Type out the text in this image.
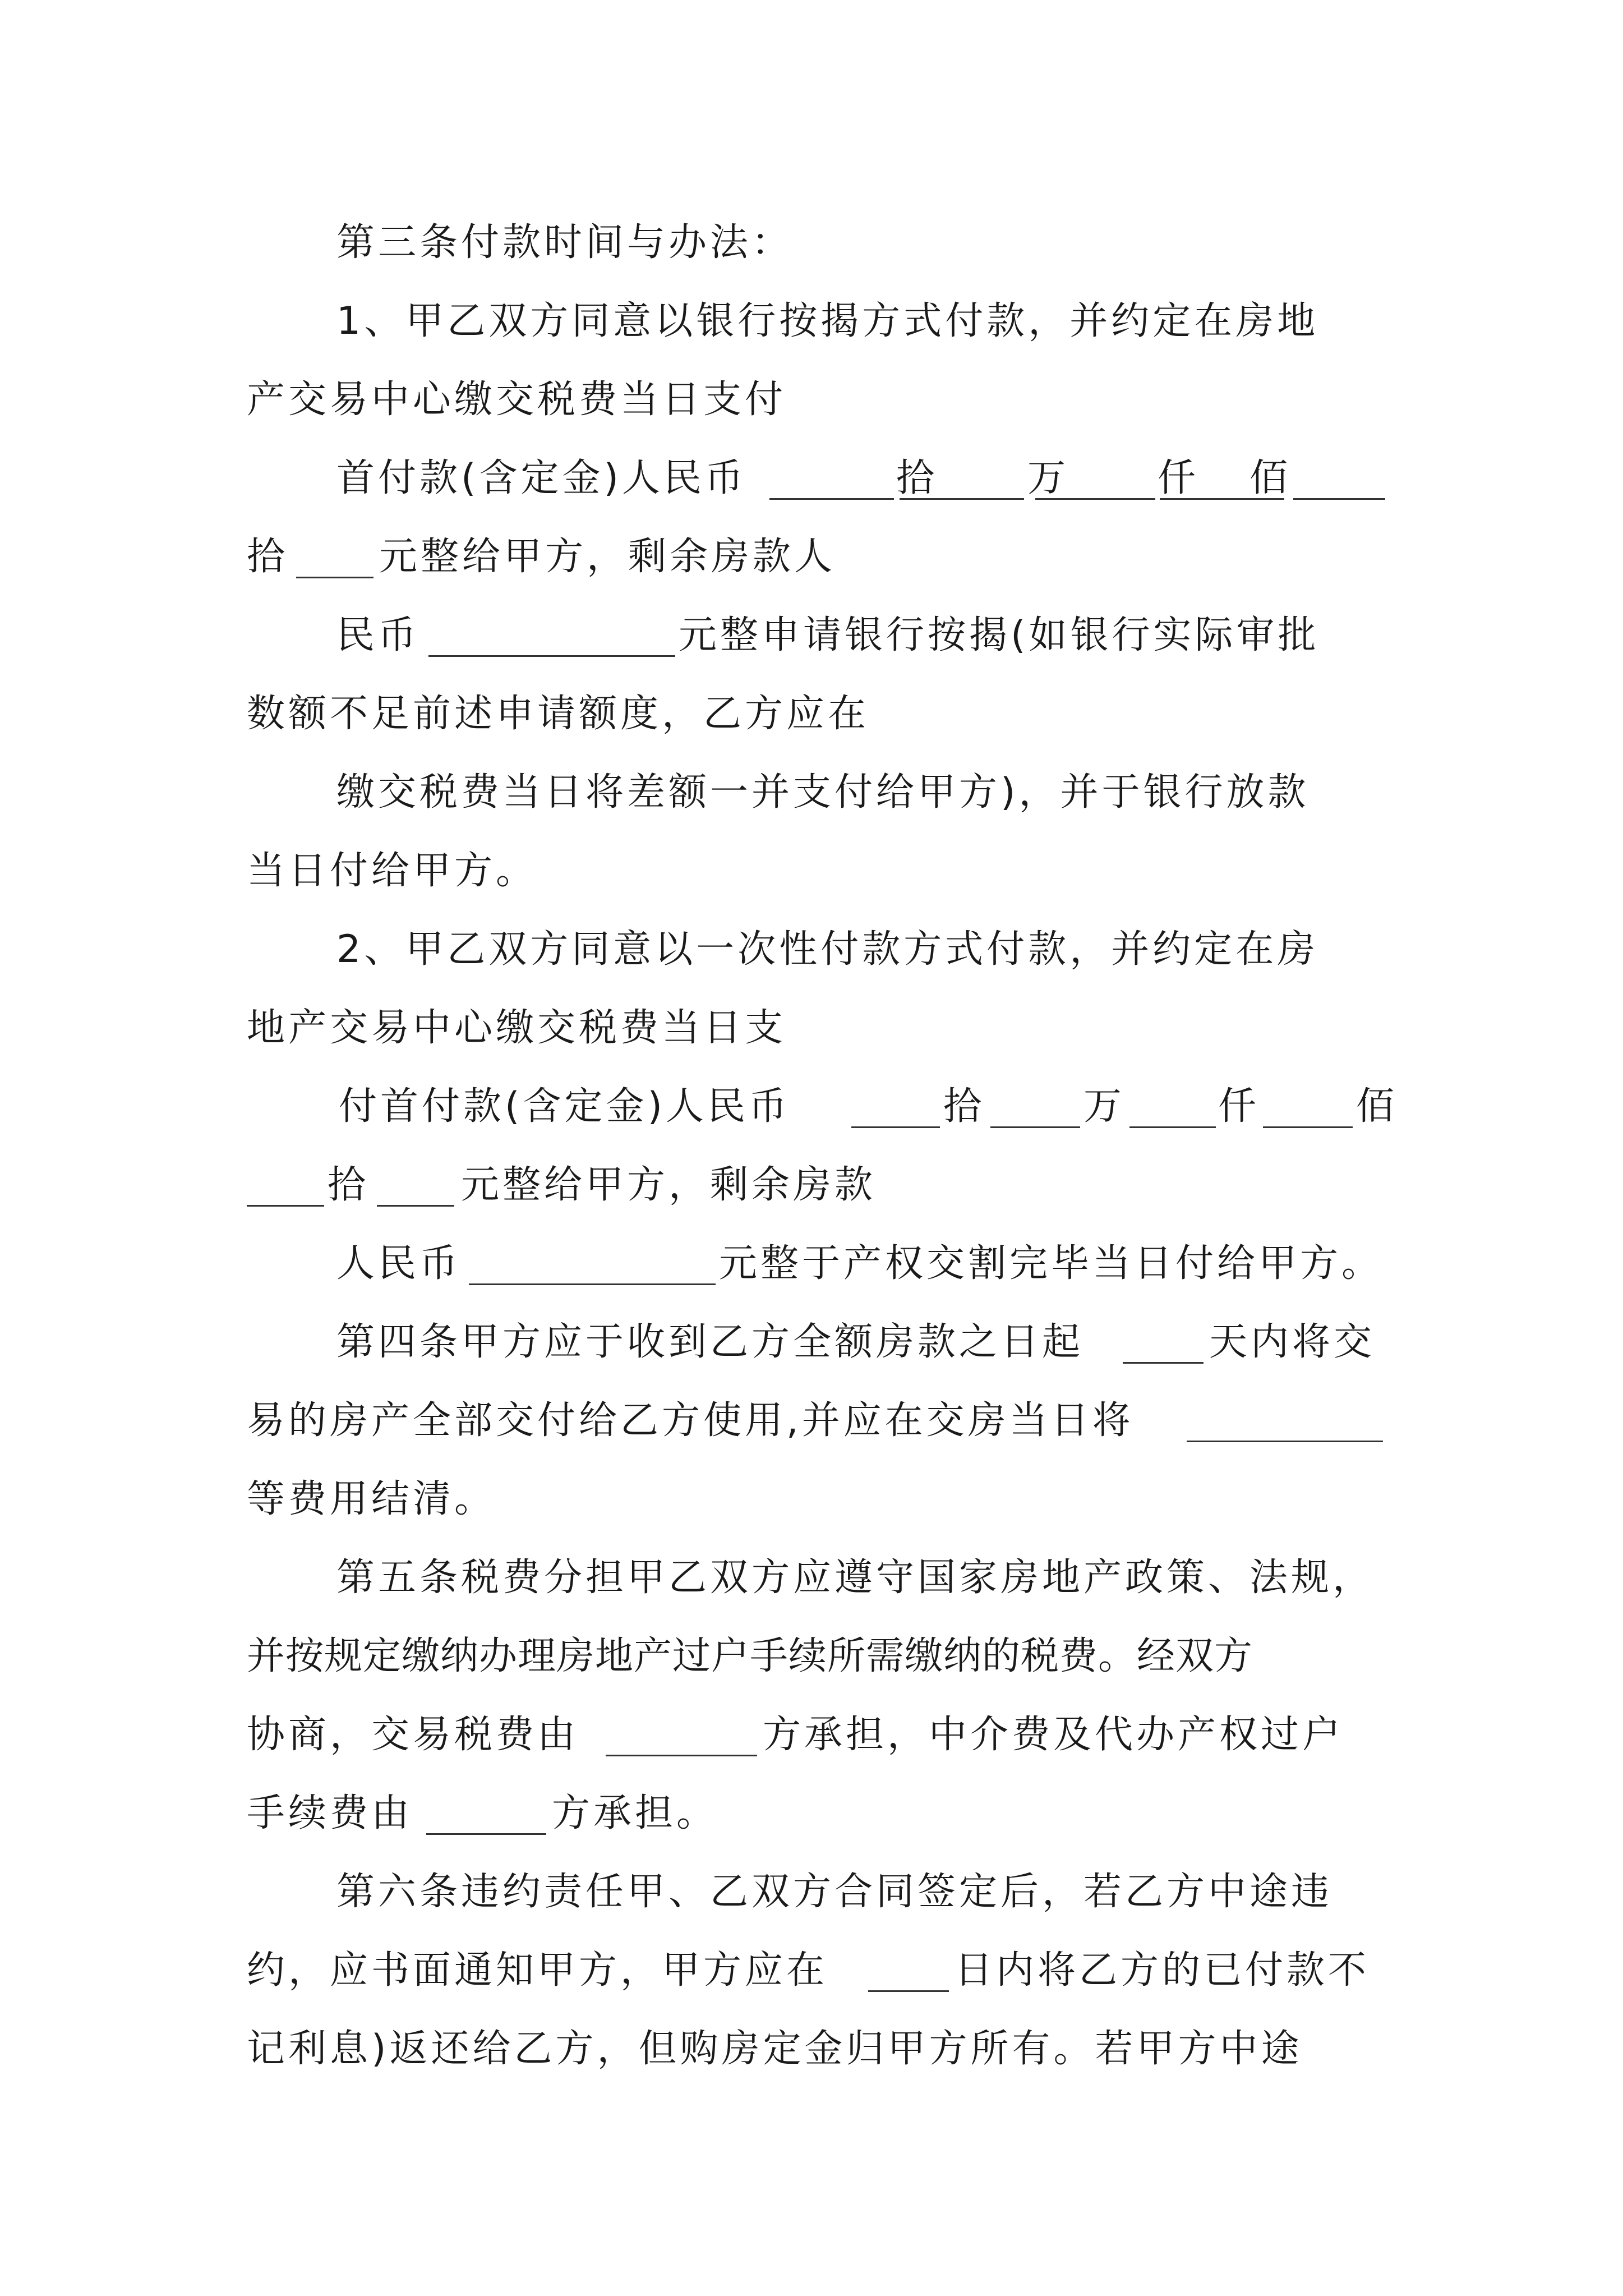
第三条付款时间与办法：
1、甲乙双方同意以银行按揭方式付款，并约定在房地
产交易中心缴交税费当日支付
首付款(含定金)人民币	拾 万 仟 佰
拾 元整给甲方，剩余房款人
民币	元整申请银行按揭(如银行实际审批
数额不足前述申请额度，乙方应在
缴交税费当日将差额一并支付给甲方)，并于银行放款
当日付给甲方。
2、甲乙双方同意以一次性付款方式付款，并约定在房
地产交易中心缴交税费当日支
付首付款(含定金)人民币	拾	万 仟	佰
拾 元整给甲方，剩余房款
人民币	元整于产权交割完毕当日付给甲方。
第四条甲方应于收到乙方全额房款之日起	天内将交
易的房产全部交付给乙方使用,并应在交房当日将
等费用结清。
第五条税费分担甲乙双方应遵守国家房地产政策、法规，
并按规定缴纳办理房地产过户手续所需缴纳的税费。经双方
协商，交易税费由	方承担，中介费及代办产权过户
手续费由	方承担。
第六条违约责任甲、乙双方合同签定后，若乙方中途违
约，应书面通知甲方，甲方应在	日内将乙方的已付款不
记利息)返还给乙方，但购房定金归甲方所有。若甲方中途
